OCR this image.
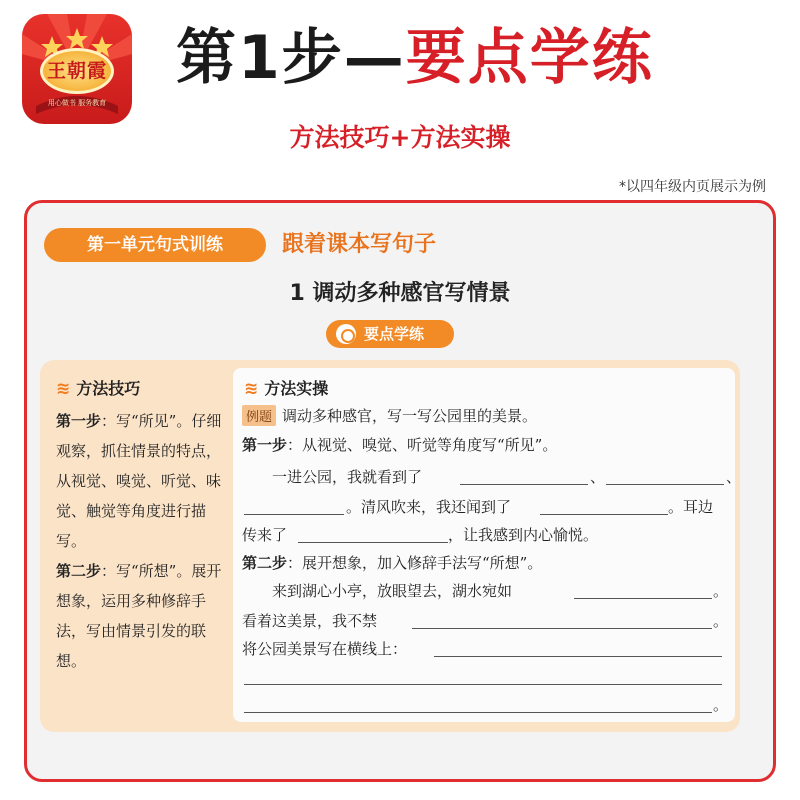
王朝霞
用心做书 服务教育
第1步—要点学练
方法技巧+方法实操
*以四年级内页展示为例
第一单元句式训练	跟着课本写句子
1 调动多种感官写情景
要点学练
≋ 方法技巧

第一步：写“所见”。仔细观察，抓住情景的特点，从视觉、嗅觉、听觉、味觉、触觉等角度进行描写。

第二步：写“所想”。展开想象，运用多种修辞手法，写由情景引发的联想。

≋ 方法实操
例题 调动多种感官，写一写公园里的美景。
第一步：从视觉、嗅觉、听觉等角度写“所见”。
一进公园，我就看到了	、	、
。清风吹来，我还闻到了	。耳边
传来了	，让我感到内心愉悦。
第二步：展开想象，加入修辞手法写“所想”。
来到湖心小亭，放眼望去，湖水宛如	。
看着这美景，我不禁	。
将公园美景写在横线上：
。
